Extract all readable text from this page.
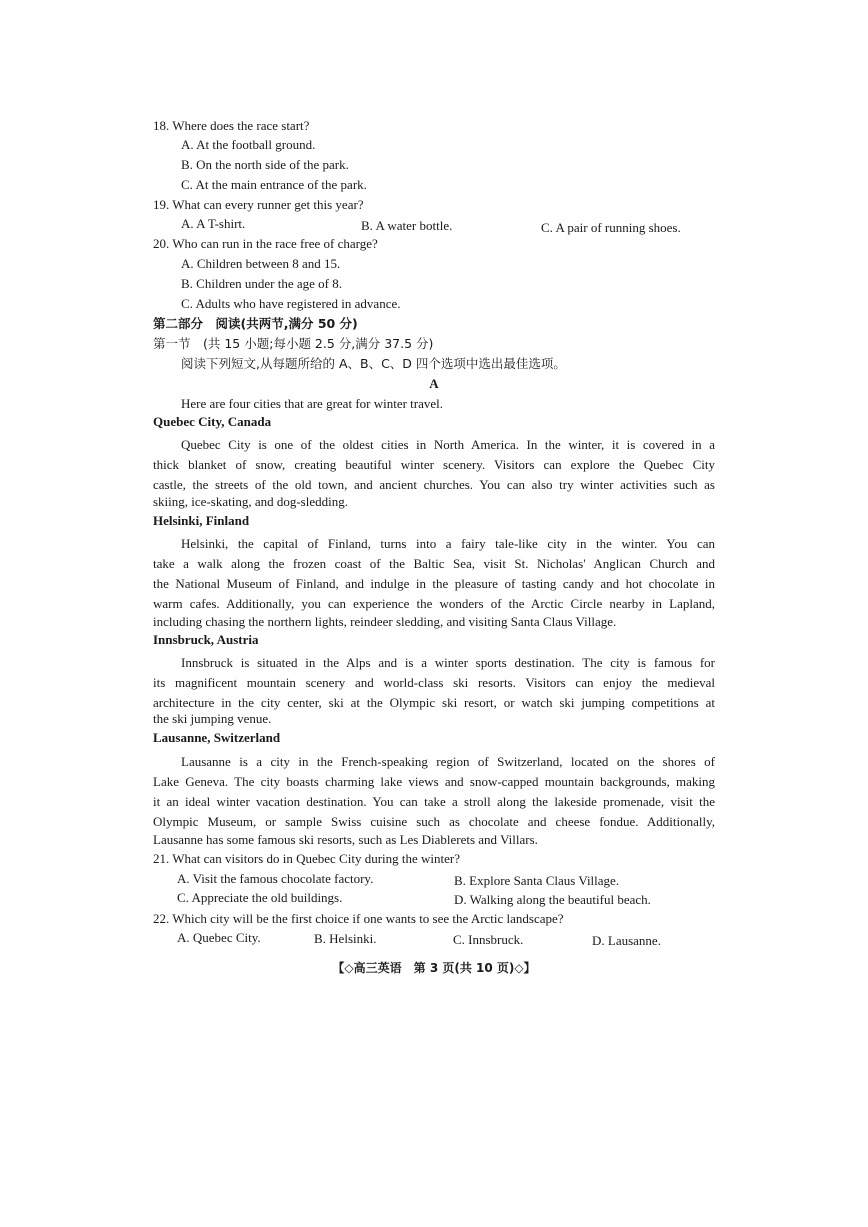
18. Where does the race start?
A. At the football ground.
B. On the north side of the park.
C. At the main entrance of the park.
19. What can every runner get this year?
A. A T-shirt.	B. A water bottle.	C. A pair of running shoes.
20. Who can run in the race free of charge?
A. Children between 8 and 15.
B. Children under the age of 8.
C. Adults who have registered in advance.
第二部分　阅读(共两节,满分 50 分)
第一节　(共 15 小题;每小题 2.5 分,满分 37.5 分)
阅读下列短文,从每题所给的 A、B、C、D 四个选项中选出最佳选项。
A
Here are four cities that are great for winter travel.
Quebec City, Canada
Quebec City is one of the oldest cities in North America. In the winter, it is covered in a
thick blanket of snow, creating beautiful winter scenery. Visitors can explore the Quebec City
castle, the streets of the old town, and ancient churches. You can also try winter activities such as
skiing, ice-skating, and dog-sledding.
Helsinki, Finland
Helsinki, the capital of Finland, turns into a fairy tale-like city in the winter. You can
take a walk along the frozen coast of the Baltic Sea, visit St. Nicholas' Anglican Church and
the National Museum of Finland, and indulge in the pleasure of tasting candy and hot chocolate in
warm cafes. Additionally, you can experience the wonders of the Arctic Circle nearby in Lapland,
including chasing the northern lights, reindeer sledding, and visiting Santa Claus Village.
Innsbruck, Austria
Innsbruck is situated in the Alps and is a winter sports destination. The city is famous for
its magnificent mountain scenery and world-class ski resorts. Visitors can enjoy the medieval
architecture in the city center, ski at the Olympic ski resort, or watch ski jumping competitions at
the ski jumping venue.
Lausanne, Switzerland
Lausanne is a city in the French-speaking region of Switzerland, located on the shores of
Lake Geneva. The city boasts charming lake views and snow-capped mountain backgrounds, making
it an ideal winter vacation destination. You can take a stroll along the lakeside promenade, visit the
Olympic Museum, or sample Swiss cuisine such as chocolate and cheese fondue. Additionally,
Lausanne has some famous ski resorts, such as Les Diablerets and Villars.
21. What can visitors do in Quebec City during the winter?
A. Visit the famous chocolate factory.	B. Explore Santa Claus Village.
C. Appreciate the old buildings.	D. Walking along the beautiful beach.
22. Which city will be the first choice if one wants to see the Arctic landscape?
A. Quebec City.	B. Helsinki.	C. Innsbruck.	D. Lausanne.
【◇高三英语　第 3 页(共 10 页)◇】
